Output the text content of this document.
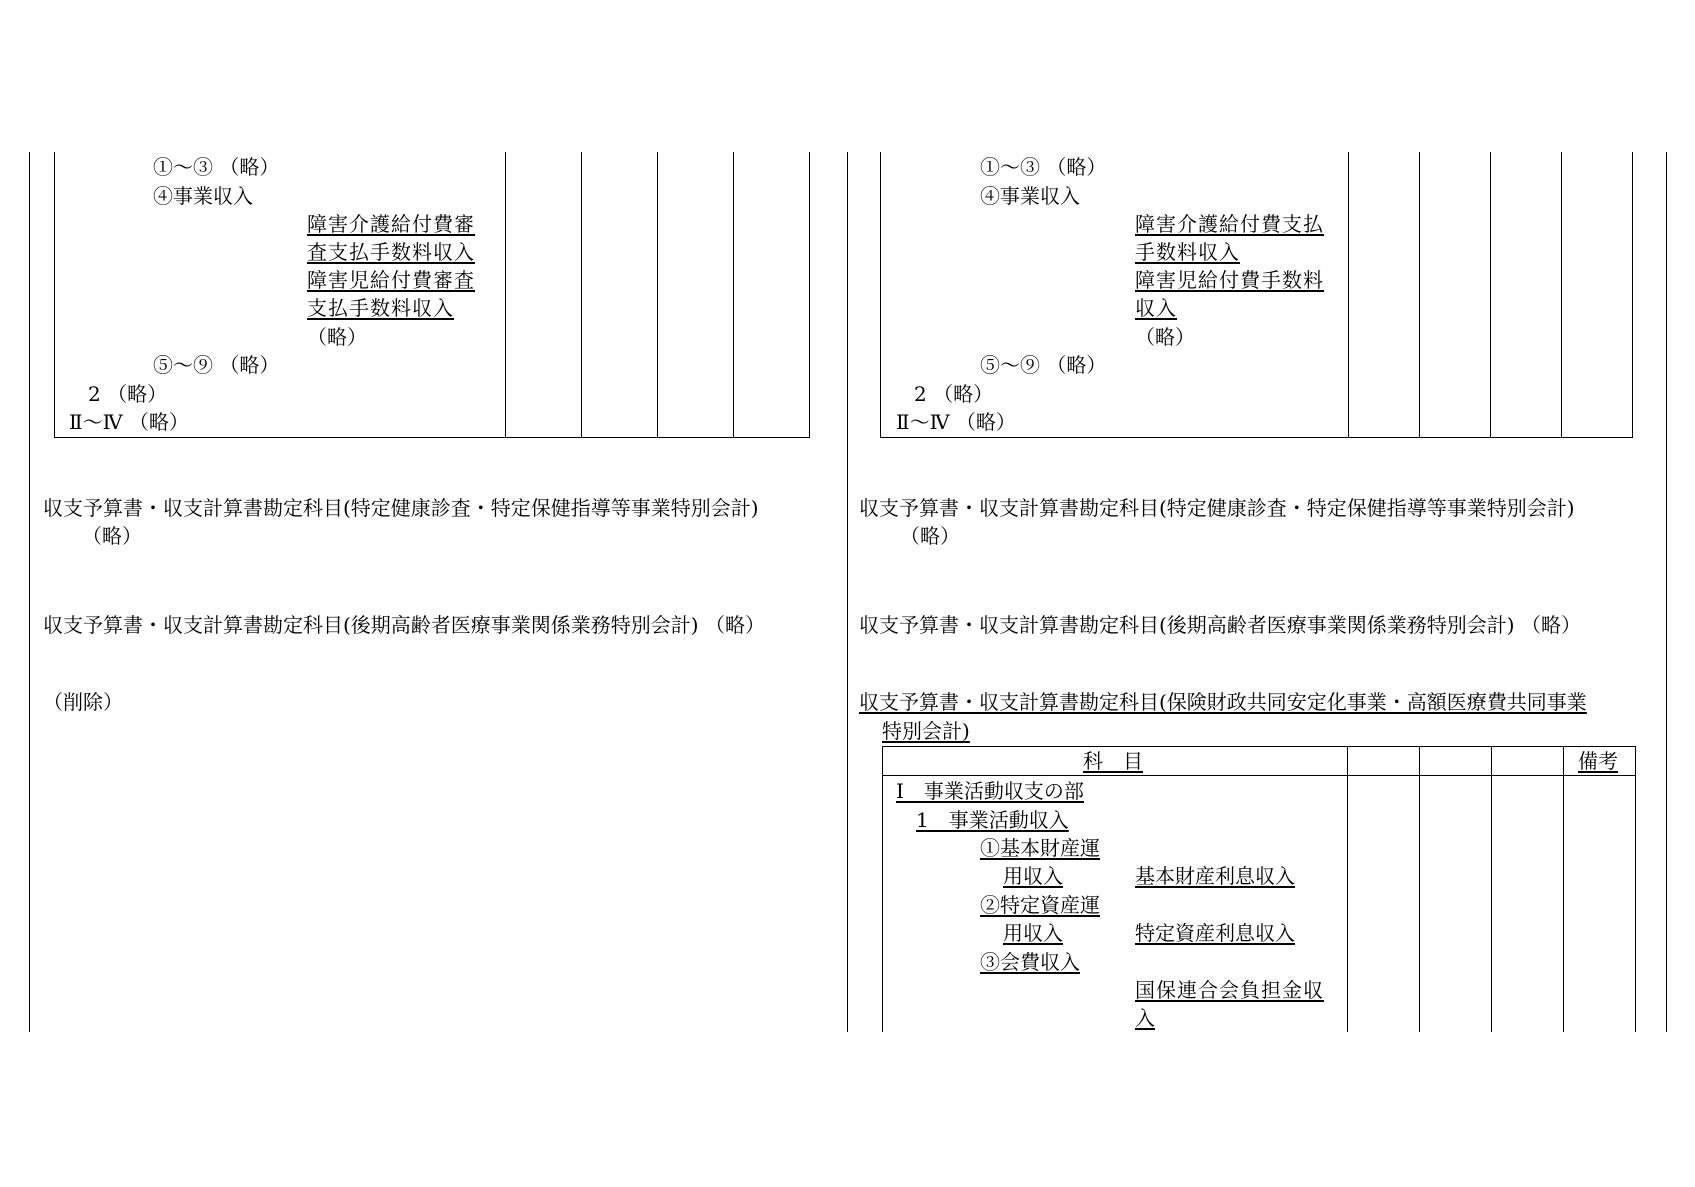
①～③ （略）
④事業収入
障害介護給付費審
査支払手数料収入
障害児給付費審査
支払手数料収入
（略）
⑤～⑨ （略）
2 （略）
Ⅱ～Ⅳ （略）
収支予算書・収支計算書勘定科目(特定健康診査・特定保健指導等事業特別会計)
（略）
収支予算書・収支計算書勘定科目(後期高齢者医療事業関係業務特別会計) （略）
（削除）
①～③ （略）
④事業収入
障害介護給付費支払
手数料収入
障害児給付費手数料
収入
（略）
⑤～⑨ （略）
2 （略）
Ⅱ～Ⅳ （略）
収支予算書・収支計算書勘定科目(特定健康診査・特定保健指導等事業特別会計)
（略）
収支予算書・収支計算書勘定科目(後期高齢者医療事業関係業務特別会計) （略）
収支予算書・収支計算書勘定科目(保険財政共同安定化事業・高額医療費共同事業
特別会計)
科　目	備考
Ⅰ　事業活動収支の部
1　事業活動収入
①基本財産運
用収入	基本財産利息収入
②特定資産運
用収入	特定資産利息収入
③会費収入
国保連合会負担金収
入
